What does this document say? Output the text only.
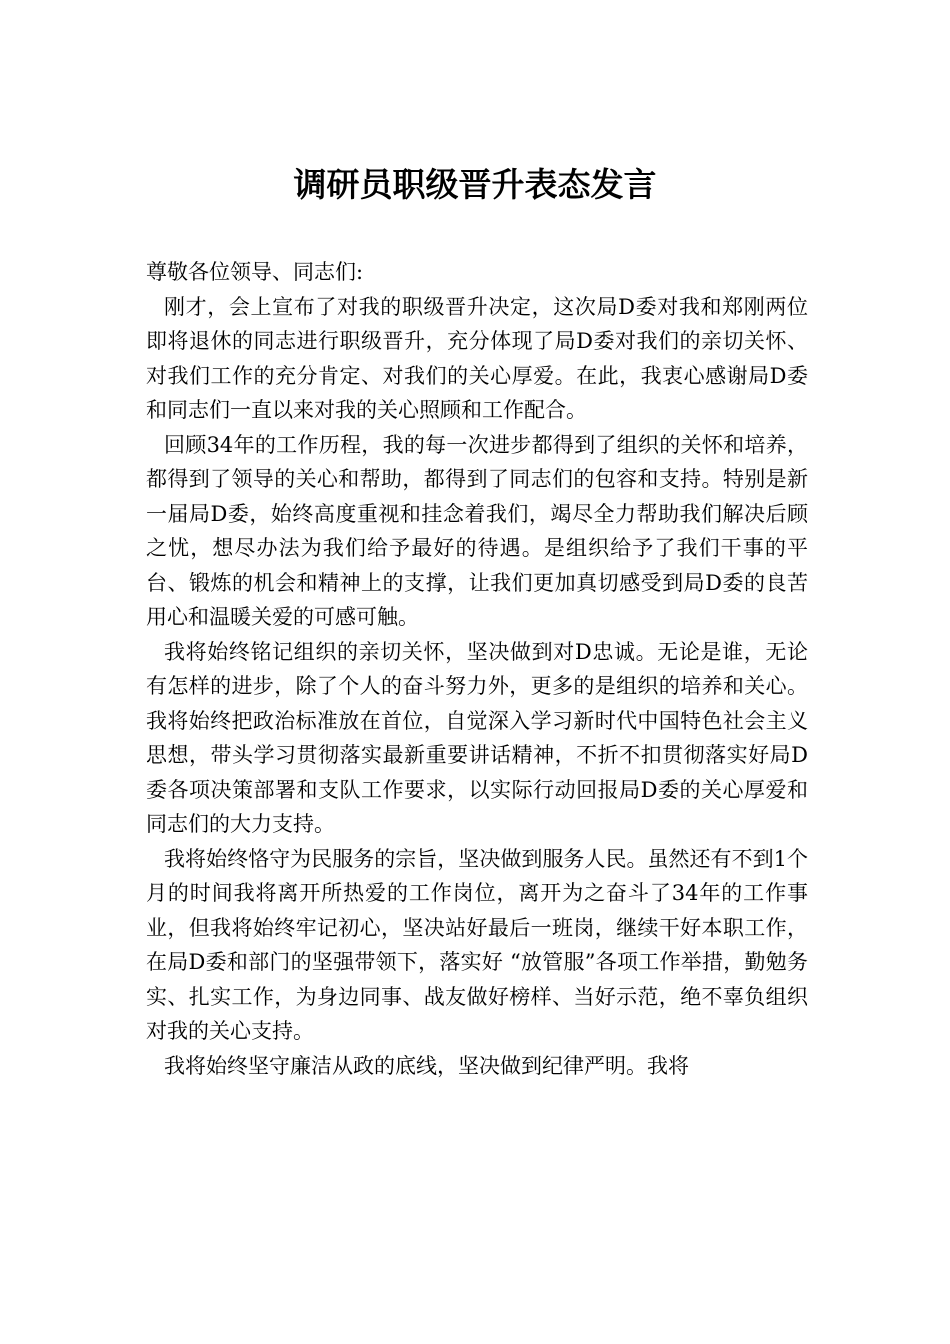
调研员职级晋升表态发言

尊敬各位领导、同志们:

刚才，会上宣布了对我的职级晋升决定，这次局D委对我和郑刚两位即将退休的同志进行职级晋升，充分体现了局D委对我们的亲切关怀、对我们工作的充分肯定、对我们的关心厚爱。在此，我衷心感谢局D委和同志们一直以来对我的关心照顾和工作配合。

回顾34年的工作历程，我的每一次进步都得到了组织的关怀和培养，都得到了领导的关心和帮助，都得到了同志们的包容和支持。特别是新一届局D委，始终高度重视和挂念着我们，竭尽全力帮助我们解决后顾之忧，想尽办法为我们给予最好的待遇。是组织给予了我们干事的平台、锻炼的机会和精神上的支撑，让我们更加真切感受到局D委的良苦用心和温暖关爱的可感可触。

我将始终铭记组织的亲切关怀，坚决做到对D忠诚。无论是谁，无论有怎样的进步，除了个人的奋斗努力外，更多的是组织的培养和关心。我将始终把政治标准放在首位，自觉深入学习新时代中国特色社会主义思想，带头学习贯彻落实最新重要讲话精神，不折不扣贯彻落实好局D委各项决策部署和支队工作要求，以实际行动回报局D委的关心厚爱和同志们的大力支持。

我将始终恪守为民服务的宗旨，坚决做到服务人民。虽然还有不到1个月的时间我将离开所热爱的工作岗位，离开为之奋斗了34年的工作事业，但我将始终牢记初心，坚决站好最后一班岗，继续干好本职工作，在局D委和部门的坚强带领下，落实好 “放管服”各项工作举措，勤勉务实、扎实工作，为身边同事、战友做好榜样、当好示范，绝不辜负组织对我的关心支持。

我将始终坚守廉洁从政的底线，坚决做到纪律严明。我将
